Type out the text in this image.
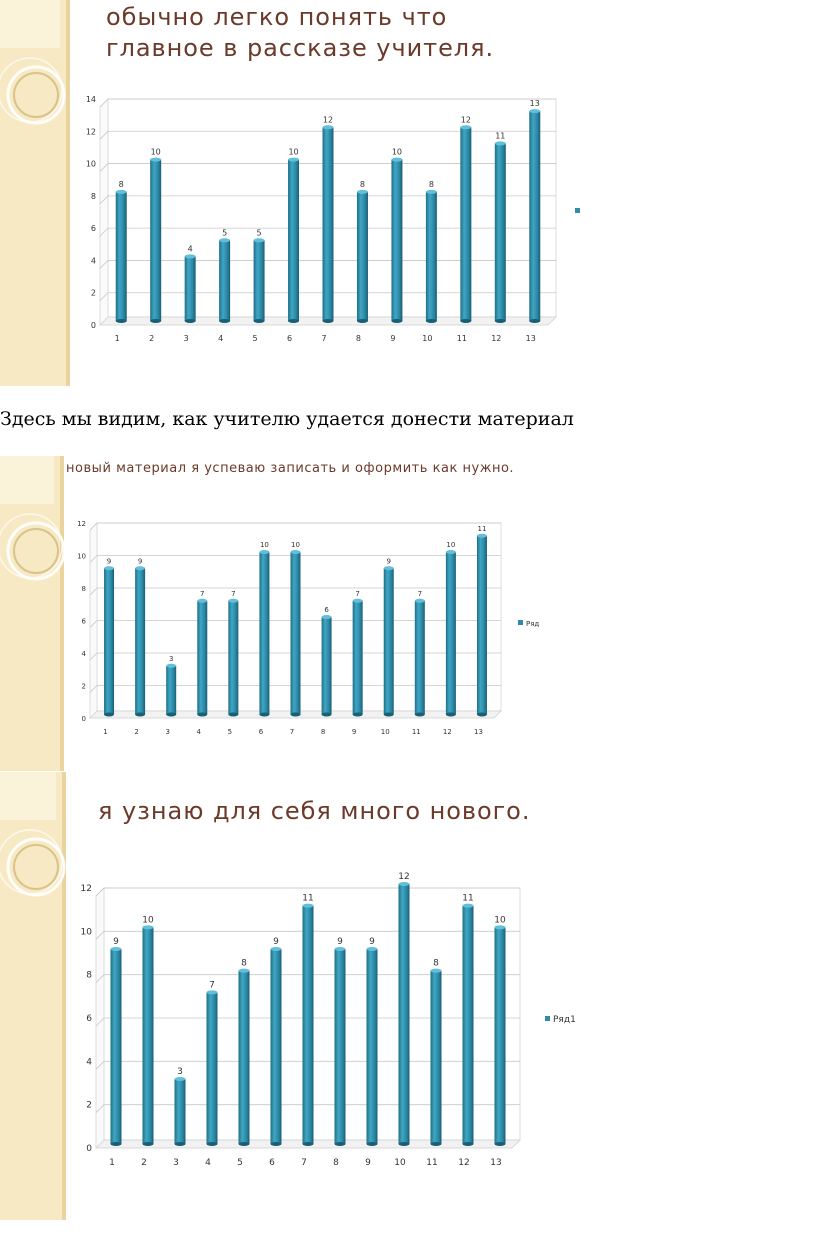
обычно легко понять что
главное в рассказе учителя.
0
2
4
6
8
10
12
14
8
1
10
2
4
3
5
4
5
5
10
6
12
7
8
8
10
9
8
10
12
11
11
12
13
13
Ряд1

Здесь мы видим, как учителю удается донести материал

новый материал я успеваю записать и оформить как нужно.
0
2
4
6
8
10
12
9
1
9
2
3
3
7
4
7
5
10
6
10
7
6
8
7
9
9
10
7
11
10
12
11
13
Ряд1
я узнаю для себя много нового.
0
2
4
6
8
10
12
9
1
10
2
3
3
7
4
8
5
9
6
11
7
9
8
9
9
12
10
8
11
11
12
10
13
Ряд1
